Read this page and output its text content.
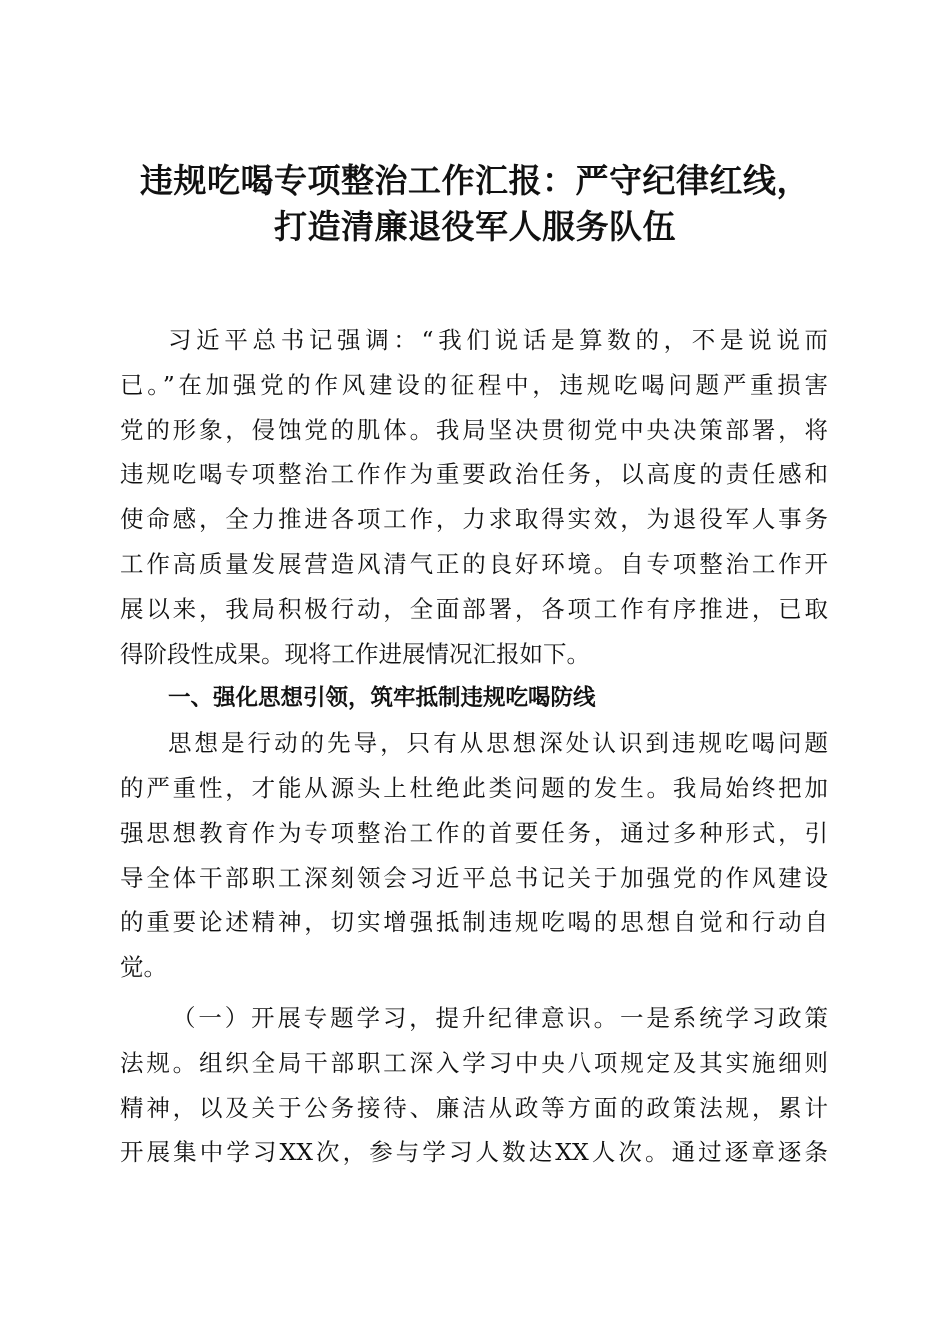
违规吃喝专项整治工作汇报：严守纪律红线，
打造清廉退役军人服务队伍
习近平总书记强调：“我们说话是算数的，不是说说而
已。”在加强党的作风建设的征程中，违规吃喝问题严重损害
党的形象，侵蚀党的肌体。我局坚决贯彻党中央决策部署，将
违规吃喝专项整治工作作为重要政治任务，以高度的责任感和
使命感，全力推进各项工作，力求取得实效，为退役军人事务
工作高质量发展营造风清气正的良好环境。自专项整治工作开
展以来，我局积极行动，全面部署，各项工作有序推进，已取
得阶段性成果。现将工作进展情况汇报如下。
一、强化思想引领，筑牢抵制违规吃喝防线
思想是行动的先导，只有从思想深处认识到违规吃喝问题
的严重性，才能从源头上杜绝此类问题的发生。我局始终把加
强思想教育作为专项整治工作的首要任务，通过多种形式，引
导全体干部职工深刻领会习近平总书记关于加强党的作风建设
的重要论述精神，切实增强抵制违规吃喝的思想自觉和行动自
觉。
（一）开展专题学习，提升纪律意识。一是系统学习政策
法规。组织全局干部职工深入学习中央八项规定及其实施细则
精神，以及关于公务接待、廉洁从政等方面的政策法规，累计
开展集中学习XX次，参与学习人数达XX人次。通过逐章逐条
